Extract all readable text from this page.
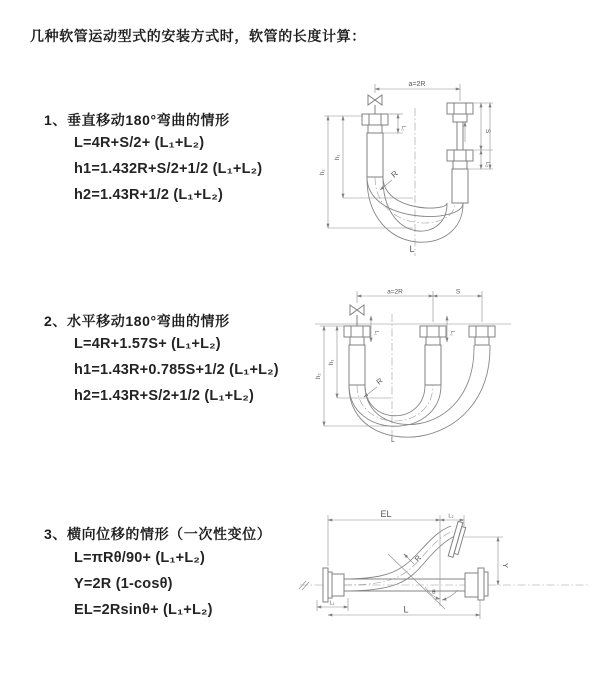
几种软管运动型式的安装方式时，软管的长度计算：
1、垂直移动180°弯曲的情形
L=4R+S/2+ (L₁+L₂)
h1=1.432R+S/2+1/2 (L₁+L₂)
h2=1.43R+1/2 (L₁+L₂)
a=2R
R
L
S
L₂
L₁
h₁
h₂
2、水平移动180°弯曲的情形
L=4R+1.57S+ (L₁+L₂)
h1=1.43R+0.785S+1/2 (L₁+L₂)
h2=1.43R+S/2+1/2 (L₁+L₂)
a=2R	S
L₁	L₂
h₁
h₂	R
L
3、横向位移的情形（一次性变位）
L=πRθ/90+ (L₁+L₂)
Y=2R (1-cosθ)
EL=2Rsinθ+ (L₁+L₂)
EL	L₂
Y
L
L₁
R
θ
